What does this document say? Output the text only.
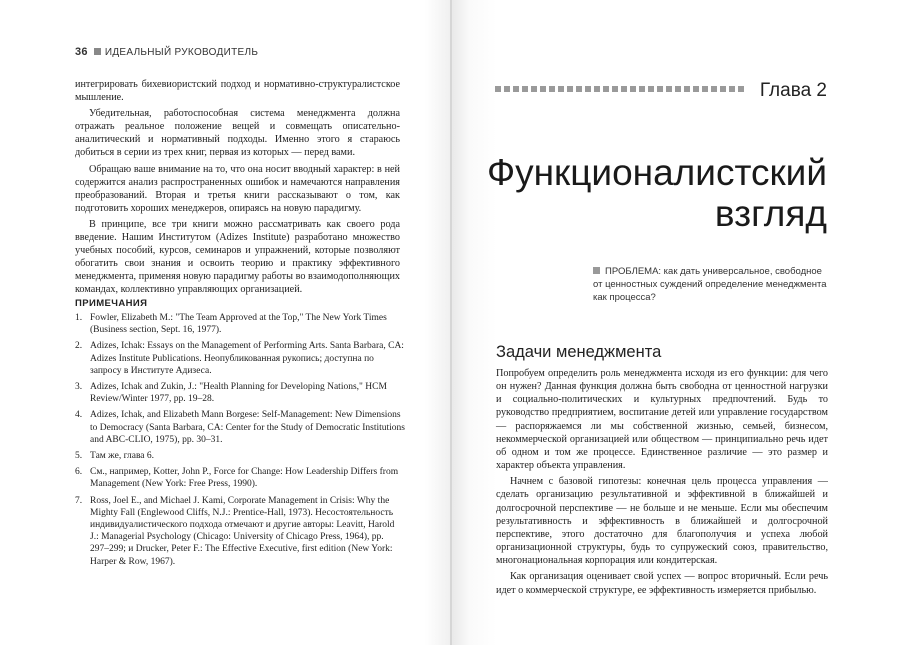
36 ИДЕАЛЬНЫЙ РУКОВОДИТЕЛЬ

интегрировать бихевиористский подход и нормативно-структуралистское мышление.

Убедительная, работоспособная система менеджмента должна отражать реальное положение вещей и совмещать описательно-аналитический и нормативный подходы. Именно этого я стараюсь добиться в серии из трех книг, первая из которых — перед вами.

Обращаю ваше внимание на то, что она носит вводный характер: в ней содержится анализ распространенных ошибок и намечаются направления преобразований. Вторая и третья книги рассказывают о том, как подготовить хороших менеджеров, опираясь на новую парадигму.

В принципе, все три книги можно рассматривать как своего рода введение. Нашим Институтом (Adizes Institute) разработано множество учебных пособий, курсов, семинаров и упражнений, которые позволяют обогатить свои знания и освоить теорию и практику эффективного менеджмента, применяя новую парадигму работы во взаимодополняющих командах, коллективно управляющих организацией.

ПРИМЕЧАНИЯ
1. Fowler, Elizabeth M.: "The Team Approved at the Top," The New York Times (Business section, Sept. 16, 1977).
2. Adizes, Ichak: Essays on the Management of Performing Arts. Santa Barbara, CA: Adizes Institute Publications. Неопубликованная рукопись; доступна по запросу в Институте Адизеса.
3. Adizes, Ichak and Zukin, J.: "Health Planning for Developing Nations," HCM Review/Winter 1977, pp. 19–28.
4. Adizes, Ichak, and Elizabeth Mann Borgese: Self-Management: New Dimensions to Democracy (Santa Barbara, CA: Center for the Study of Democratic Institutions and ABC-CLIO, 1975), pp. 30–31.
5. Там же, глава 6.
6. См., например, Kotter, John P., Force for Change: How Leadership Differs from Management (New York: Free Press, 1990).
7. Ross, Joel E., and Michael J. Kami, Corporate Management in Crisis: Why the Mighty Fall (Englewood Cliffs, N.J.: Prentice-Hall, 1973). Несостоятельность индивидуалистического подхода отмечают и другие авторы: Leavitt, Harold J.: Managerial Psychology (Chicago: University of Chicago Press, 1964), pp. 297–299; и Drucker, Peter F.: The Effective Executive, first edition (New York: Harper & Row, 1967).
Глава 2
Функционалистский
взгляд
ПРОБЛЕМА: как дать универсальное, свободное от ценностных суждений определение менеджмента как процесса?
Задачи менеджмента

Попробуем определить роль менеджмента исходя из его функции: для чего он нужен? Данная функция должна быть свободна от ценностной нагрузки и социально-политических и культурных предпочтений. Будь то руководство предприятием, воспитание детей или управление государством — распоряжаемся ли мы собственной жизнью, семьей, бизнесом, некоммерческой организацией или обществом — принципиально речь идет об одном и том же процессе. Единственное различие — это размер и характер объекта управления.

Начнем с базовой гипотезы: конечная цель процесса управления — сделать организацию результативной и эффективной в ближайшей и долгосрочной перспективе — не больше и не меньше. Если мы обеспечим результативность и эффективность в ближайшей и долгосрочной перспективе, этого достаточно для благополучия и успеха любой организационной структуры, будь то супружеский союз, правительство, многонациональная корпорация или кондитерская.

Как организация оценивает свой успех — вопрос вторичный. Если речь идет о коммерческой структуре, ее эффективность измеряется прибылью.
